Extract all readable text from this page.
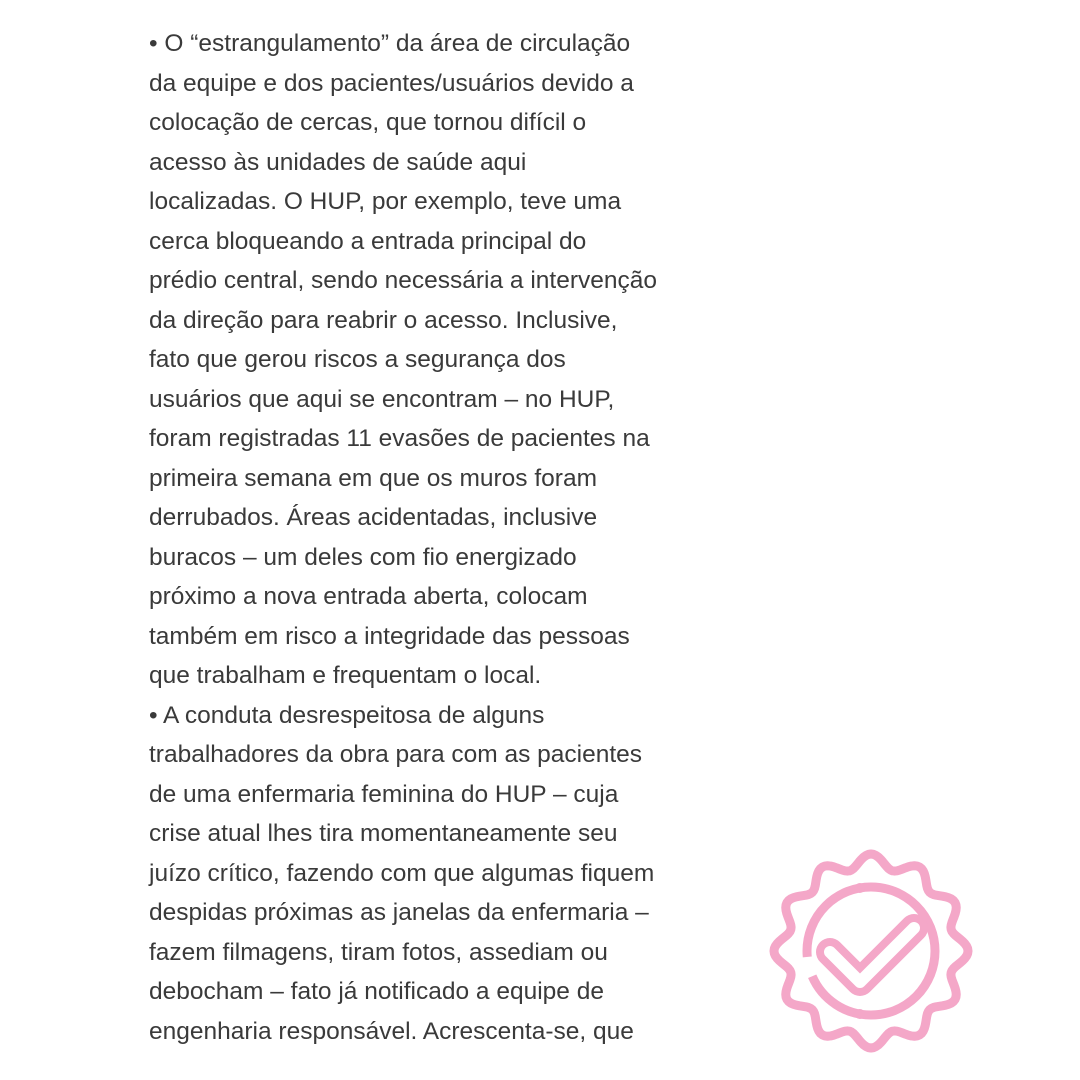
• O “estrangulamento” da área de circulação
da equipe e dos pacientes/usuários devido a
colocação de cercas, que tornou difícil o
acesso às unidades de saúde aqui
localizadas. O HUP, por exemplo, teve uma
cerca bloqueando a entrada principal do
prédio central, sendo necessária a intervenção
da direção para reabrir o acesso. Inclusive,
fato que gerou riscos a segurança dos
usuários que aqui se encontram – no HUP,
foram registradas 11 evasões de pacientes na
primeira semana em que os muros foram
derrubados. Áreas acidentadas, inclusive
buracos – um deles com fio energizado
próximo a nova entrada aberta, colocam
também em risco a integridade das pessoas
que trabalham e frequentam o local.
• A conduta desrespeitosa de alguns
trabalhadores da obra para com as pacientes
de uma enfermaria feminina do HUP – cuja
crise atual lhes tira momentaneamente seu
juízo crítico, fazendo com que algumas fiquem
despidas próximas as janelas da enfermaria –
fazem filmagens, tiram fotos, assediam ou
debocham – fato já notificado a equipe de
engenharia responsável. Acrescenta-se, que
